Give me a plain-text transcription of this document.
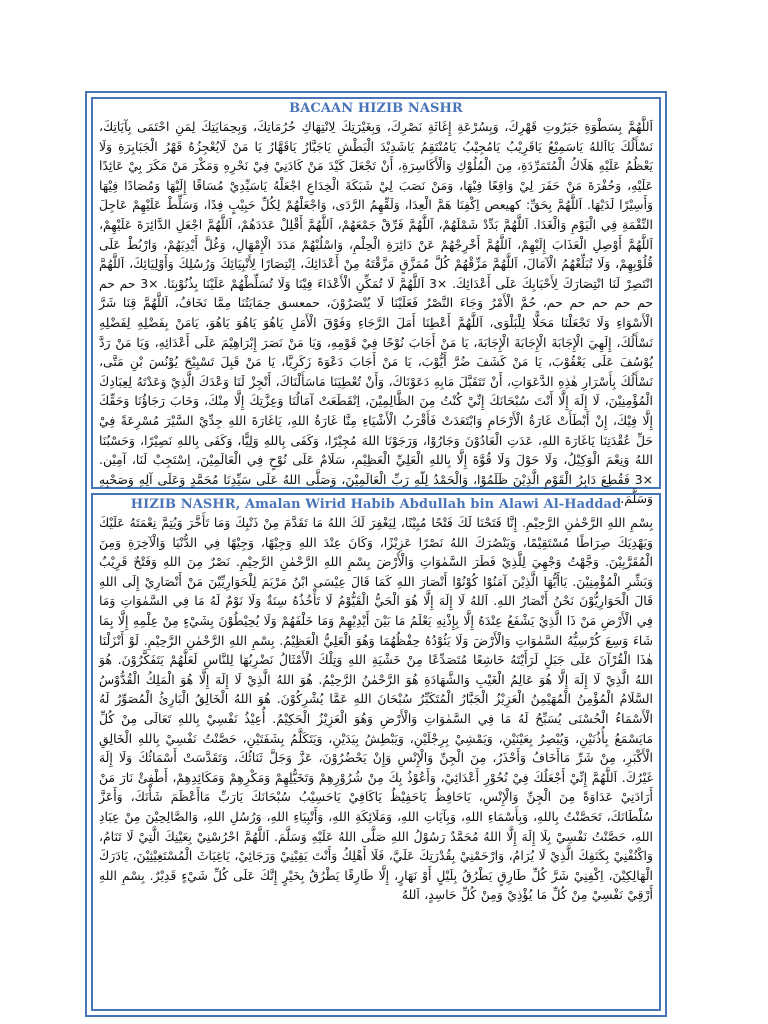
BACAAN HIZIB NASHR

اَللَّهُمَّ بِسَطْوَةِ جَبَرُوتِ قَهْرِكَ، وَبِسُرْعَةِ إِغَاثَةِ نَصْرِكَ، وَبِغَيْرَتِكَ لِانْتِهَاكِ حُرُمَاتِكَ، وَبِحِمَايَتِكَ لِمَنِ احْتَمَى بِآيَاتِكَ، نَسْأَلُكَ يَااَللهُ يَاسَمِيْعُ يَاقَرِيْبُ يَامُجِيْبُ يَامُنْتَقِمُ يَاشَدِيْدَ الْبَطْشِ يَاجَبَّارُ يَاقَهَّارُ يَا مَنْ لَايُعْجِزُهُ قَهْرُ الْجَبَابِرَةِ وَلَا يَعْظُمُ عَلَيْهِ هَلَاكُ الْمُتَمَرِّدَةِ، مِنَ الْمُلُوْكِ وَالْأَكَاسِرَةِ، أَنْ تَجْعَلَ كَيْدَ مَنْ كَادَنِيْ فِيْ نَحْرِهِ وَمَكْرَ مَنْ مَكَرَ بِيْ عَائِدًا عَلَيْهِ، وَحُفْرَةَ مَنْ حَفَرَ لِيْ وَاقِعًا فِيْهَا، وَمَنْ نَصَبَ لِيْ شَبَكَةَ الْخِدَاعِ اجْعَلْهُ يَاسَيِّدِيْ مُسَاقًا إِلَيْهَا وَمُصَادًا فِيْهَا وَأَسِيْرًا لَدَيْهَا. اَللَّهُمَّ بِحَقِّ: كهيعص اِكْفِنَا هَمَّ الْعِدَا، وَلَقِّهِمُ الرَّدَى، وَاجْعَلْهُمْ لِكُلِّ حَبِيْبٍ فِدًا، وَسَلِّطْ عَلَيْهِمْ عَاجِلَ النِّقْمَةِ فِي الْيَوْمِ وَالْغَدَا. اَللَّهُمَّ بَدِّدْ شَمْلَهُمْ، اَللَّهُمَّ فَرِّقْ جَمْعَهُمْ، اَللَّهُمَّ أَقْلِلْ عَدَدَهُمْ، اَللَّهُمَّ اجْعَلِ الدَّائِرَةَ عَلَيْهِمْ، اَللَّهُمَّ أَوْصِلِ الْعَذَابَ إِلَيْهِمْ، اَللَّهُمَّ أَخْرِجْهُمْ عَنْ دَائِرَةِ الْحِلْمِ، وَاسْلُبْهُمْ مَدَدَ الْإِمْهَالِ، وَغُلَّ أَيْدِيَهُمْ، وَارْبُطْ عَلَى قُلُوْبِهِمْ، وَلَا تُبَلِّغْهُمُ الْآمَالَ، اَللَّهُمَّ مَزِّقْهُمْ كُلَّ مُمَزَّقٍ مَزَّقْتَهُ مِنْ أَعْدَائِكَ، اِنْتِصَارًا لِأَنْبِيَائِكَ وَرُسُلِكَ وَأَوْلِيَائِكَ، اَللَّهُمَّ انْتَصِرْ لَنَا انْتِصَارَكَ لِأَحْبَابِكَ عَلَى أَعْدَائِكَ. ×3 اَللَّهُمَّ لَا تُمَكِّنِ الْأَعْدَاءَ فِيْنَا وَلَا تُسَلِّطْهُمْ عَلَيْنَا بِذُنُوْبِنَا. ×3 حم حم حم حم حم حم حم، حُمَّ الْأَمْرُ وَجَاءَ النَّصْرُ فَعَلَيْنَا لَا يُنْصَرُوْنَ، حمعسق حِمَايَتُنَا مِمَّا نَخَافُ، اَللَّهُمَّ قِنَا شَرَّ الْأَسْوَاءِ وَلَا تَجْعَلْنَا مَحَلًّا لِلْبَلْوَى، اَللَّهُمَّ أَعْطِنَا أَمَلَ الرَّجَاءِ وَفَوْقَ الْأَمَلِ يَاهُوَ يَاهُوَ يَاهُوَ، يَامَنْ بِفَضْلِهِ لِفَضْلِهِ نَسْأَلُكَ، إِلَهِيَ الْإِجَابَةَ الْإِجَابَةَ الْإِجَابَةَ، يَا مَنْ أَجَابَ نُوْحًا فِيْ قَوْمِهِ، وَيَا مَنْ نَصَرَ إِبْرَاهِيْمَ عَلَى أَعْدَائِهِ، وَيَا مَنْ رَدَّ يُوْسُفَ عَلَى يَعْقُوْبَ، يَا مَنْ كَشَفَ ضُرَّ أَيُّوْبَ، يَا مَنْ أَجَابَ دَعْوَةَ زَكَرِيَّا، يَا مَنْ قَبِلَ تَسْبِيْحَ يُوْنُسَ بْنِ مَتَّى، نَسْأَلُكَ بِأَسْرَارِ هٰذِهِ الدَّعَوَاتِ، أَنْ تَتَقَبَّلَ مَابِهِ دَعَوْنَاكَ، وَأَنْ تُعْطِيَنَا مَاسَأَلْنَاكَ، أَنْجِزْ لَنَا وَعْدَكَ الَّذِيْ وَعَدْتَهُ لِعِبَادِكَ الْمُؤْمِنِيْنَ، لَا إِلَهَ إِلَّا أَنْتَ سُبْحَانَكَ إِنِّيْ كُنْتُ مِنَ الظَّالِمِيْنَ، اِنْقَطَعَتْ آمَالُنَا وَعِزَّتِكَ إِلَّا مِنْكَ، وَخَابَ رَجَاؤُنَا وَحَقِّكَ إِلَّا فِيْكَ، إِنْ أَبْطَأَتْ غَارَةُ الْأَرْحَامِ وَابْتَعَدَتْ فَأَقْرَبُ الْأَشْيَاءِ مِنَّا غَارَةُ اللهِ، يَاغَارَةَ اللهِ جِدِّيْ السَّيْرَ مُسْرِعَةً فِيْ حَلِّ عُقْدَتِنَا يَاغَارَةَ اللهِ، عَدَتِ الْعَادُوْنَ وَجَارُوْا، وَرَجَوْنَا اللهَ مُجِيْرًا، وَكَفَى بِاللهِ وَلِيًّا، وَكَفَى بِاللهِ نَصِيْرًا، وَحَسْبُنَا اللهُ وَنِعْمَ الْوَكِيْلُ، وَلَا حَوْلَ وَلَا قُوَّةَ إِلَّا بِاللهِ الْعَلِيِّ الْعَظِيْمِ، سَلَامٌ عَلَى نُوْحٍ فِي الْعَالَمِيْنَ، اِسْتَجِبْ لَنَا، آمِيْن. ×3 فَقُطِعَ دَابِرُ الْقَوْمِ الَّذِيْنَ ظَلَمُوْا، وَالْحَمْدُ لِلّهِ رَبِّ الْعَالَمِيْنَ، وَصَلَّى اللهُ عَلَى سَيِّدِنَا مُحَمَّدٍ وَعَلَى آلِهِ وَصَحْبِهِ وَسَلَّمَ.

HIZIB NASHR, Amalan Wirid Habib Abdullah bin Alawi Al-Haddad

بِسْمِ اللهِ الرَّحْمٰنِ الرَّحِيْمِ. إِنَّا فَتَحْنَا لَكَ فَتْحًا مُبِيْنًا، لِيَغْفِرَ لَكَ اللهُ مَا تَقَدَّمَ مِنْ ذَنْبِكَ وَمَا تَأَخَّرَ وَيُتِمَّ نِعْمَتَهُ عَلَيْكَ وَيَهْدِيَكَ صِرَاطًا مُسْتَقِيْمًا، وَيَنْصُرَكَ اللهُ نَصْرًا عَزِيْزًا، وَكَانَ عِنْدَ اللهِ وَجِيْهًا، وَجِيْهًا فِي الدُّنْيَا وَالْآخِرَةِ وَمِنَ الْمُقَرَّبِيْنَ. وَجَّهْتُ وَجْهِيَ لِلَّذِيْ فَطَرَ السَّمٰوَاتِ وَالْأَرْضَ بِسْمِ اللهِ الرَّحْمٰنِ الرَّحِيْمِ. نَصْرٌ مِنَ اللهِ وَفَتْحٌ قَرِيْبٌ وَبَشِّرِ الْمُؤْمِنِيْنَ. يَاأَيُّهَا الَّذِيْنَ آمَنُوْا كُوْنُوْا أَنْصَارَ اللهِ كَمَا قَالَ عِيْسَى ابْنُ مَرْيَمَ لِلْحَوَارِيِّيْنَ مَنْ أَنْصَارِيْ إِلَى اللهِ قَالَ الْحَوَارِيُّوْنَ نَحْنُ أَنْصَارُ اللهِ. اَللهُ لَا إِلَهَ إِلَّا هُوَ الْحَيُّ الْقَيُّوْمُ لَا تَأْخُذُهُ سِنَةٌ وَلَا نَوْمٌ لَهُ مَا فِي السَّمٰوَاتِ وَمَا فِي الْأَرْضِ مَنْ ذَا الَّذِيْ يَشْفَعُ عِنْدَهُ إِلَّا بِإِذْنِهِ يَعْلَمُ مَا بَيْنَ أَيْدِيْهِمْ وَمَا خَلْفَهُمْ وَلَا يُحِيْطُوْنَ بِشَيْءٍ مِنْ عِلْمِهِ إِلَّا بِمَا شَاءَ وَسِعَ كُرْسِيُّهُ السَّمٰوَاتِ وَالْأَرْضَ وَلَا يَئُوْدُهُ حِفْظُهُمَا وَهُوَ الْعَلِيُّ الْعَظِيْمُ. بِسْمِ اللهِ الرَّحْمٰنِ الرَّحِيْمِ. لَوْ أَنْزَلْنَا هٰذَا الْقُرْآنَ عَلَى جَبَلٍ لَرَأَيْتَهُ خَاشِعًا مُتَصَدِّعًا مِنْ خَشْيَةِ اللهِ وَتِلْكَ الْأَمْثَالُ نَضْرِبُهَا لِلنَّاسِ لَعَلَّهُمْ يَتَفَكَّرُوْنَ. هُوَ اللهُ الَّذِيْ لَا إِلَهَ إِلَّا هُوَ عَالِمُ الْغَيْبِ وَالشَّهَادَةِ هُوَ الرَّحْمٰنُ الرَّحِيْمُ. هُوَ اللهُ الَّذِيْ لَا إِلَهَ إِلَّا هُوَ الْمَلِكُ الْقُدُّوْسُ السَّلَامُ الْمُؤْمِنُ الْمُهَيْمِنُ الْعَزِيْزُ الْجَبَّارُ الْمُتَكَبِّرُ سُبْحَانَ اللهِ عَمَّا يُشْرِكُوْنَ. هُوَ اللهُ الْخَالِقُ الْبَارِئُ الْمُصَوِّرُ لَهُ الْأَسْمَاءُ الْحُسْنَى يُسَبِّحُ لَهُ مَا فِي السَّمٰوَاتِ وَالْأَرْضِ وَهُوَ الْعَزِيْزُ الْحَكِيْمُ. أُعِيْذُ نَفْسِيْ بِاللهِ تَعَالَى مِنْ كُلِّ مَايَسْمَعُ بِأُذُنَيْنِ، وَيُبْصِرُ بِعَيْنَيْنِ، وَيَمْشِيْ بِرِجْلَيْنِ، وَيَبْطِشُ بِيَدَيْنِ، وَيَتَكَلَّمُ بِشَفَتَيْنِ، حَصَّنْتُ نَفْسِيْ بِاللهِ الْخَالِقِ الْأَكْبَرِ، مِنْ شَرِّ مَاأَخَافُ وَأَحْذَرُ، مِنَ الْجِنِّ وَالْإِنْسِ وَإِنْ يَحْضُرُوْنَ، عَزَّ وَجَلَّ ثَنَائُكَ، وَتَقَدَّسَتْ أَسْمَائُكَ وَلَا إِلَهَ غَيْرُكَ. اَللَّهُمَّ إِنِّيْ أَجْعَلُكَ فِيْ نُحُوْرِ أَعْدَائِيْ، وَأَعُوْذُ بِكَ مِنْ شُرُوْرِهِمْ وَتَخَيُّلِهِمْ وَمَكْرِهِمْ وَمَكَائِدِهِمْ، أَطْفِئْ نَارَ مَنْ أَرَادَنِيْ عَدَاوَةً مِنَ الْجِنِّ وَالْإِنْسِ، يَاحَافِظُ يَاحَفِيْظُ يَاكَافِيْ يَاحَسِيْبُ سُبْحَانَكَ يَارَبِّ مَاأَعْظَمَ شَأْنَكَ، وَأَعَزَّ سُلْطَانَكَ، تَحَصَّنْتُ بِاللهِ، وَبِأَسْمَاءِ اللهِ، وَبِآيَاتِ اللهِ، وَمَلَائِكَةِ اللهِ، وَأَنْبِيَاءِ اللهِ، وَرُسُلِ اللهِ، وَالصَّالِحِيْنَ مِنْ عِبَادِ اللهِ، حَصَّنْتُ نَفْسِيْ بِلَا إِلَهَ إِلَّا اللهُ مُحَمَّدٌ رَسُوْلُ اللهِ صَلَّى اللهُ عَلَيْهِ وَسَلَّمَ. اَللَّهُمَّ احْرُسْنِيْ بِعَيْنِكَ الَّتِيْ لَا تَنَامُ، وَاكْنُفْنِيْ بِكَنَفِكَ الَّذِيْ لَا يُرَامُ، وَارْحَمْنِيْ بِقُدْرَتِكَ عَلَيَّ، فَلَا أَهْلِكُ وَأَنْتَ يَقِيْنِيْ وَرَجَائِيْ، يَاغِيَاثَ الْمُسْتَغِيْثِيْنَ، يَادَرَكَ الْهَالِكِيْنَ، اِكْفِنِيْ شَرَّ كُلِّ طَارِقٍ يَطْرُقُ بِلَيْلٍ أَوْ نَهَارٍ، إِلَّا طَارِقًا يَطْرُقُ بِخَيْرٍ إِنَّكَ عَلَى كُلِّ شَيْءٍ قَدِيْرٌ. بِسْمِ اللهِ أَرْقِيْ نَفْسِيْ مِنْ كُلِّ مَا يُؤْذِيْ وَمِنْ كُلِّ حَاسِدٍ، اَللهُ
